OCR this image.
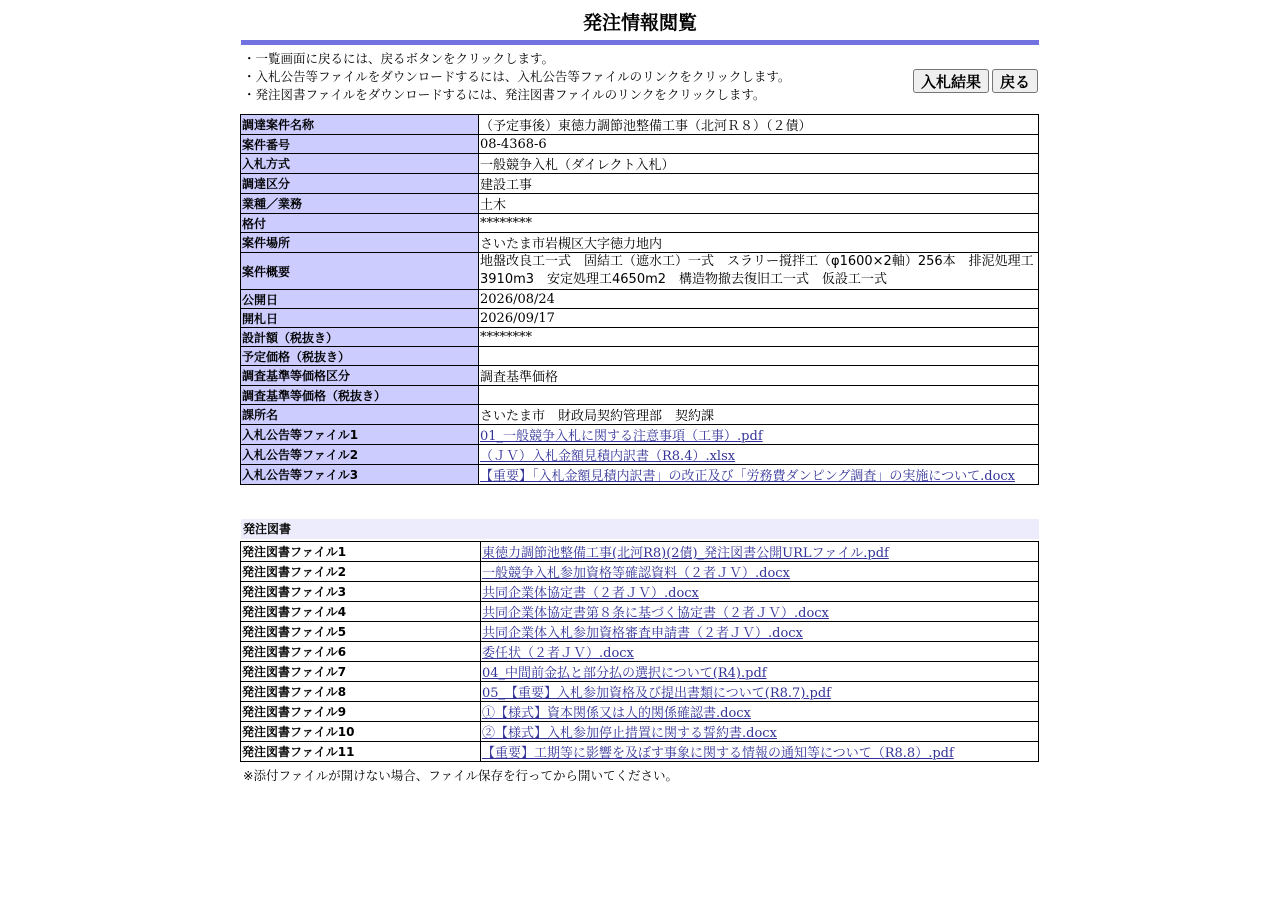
発注情報閲覧
・一覧画面に戻るには、戻るボタンをクリックします。
・入札公告等ファイルをダウンロードするには、入札公告等ファイルのリンクをクリックします。
・発注図書ファイルをダウンロードするには、発注図書ファイルのリンクをクリックします。
入札結果	戻る
調達案件名称	（予定事後）東徳力調節池整備工事（北河Ｒ８）（２債）
案件番号	08-4368-6
入札方式	一般競争入札（ダイレクト入札）
調達区分	建設工事
業種／業務	土木
格付	********
案件場所	さいたま市岩槻区大字徳力地内
案件概要	地盤改良工一式　固結工（遮水工）一式　スラリー撹拌工（φ1600×2軸）256本　排泥処理工3910m3　安定処理工4650m2　構造物撤去復旧工一式　仮設工一式
公開日	2026/08/24
開札日	2026/09/17
設計額（税抜き）	********
予定価格（税抜き）	
調査基準等価格区分	調査基準価格
調査基準等価格（税抜き）	
課所名	さいたま市　財政局契約管理部　契約課
入札公告等ファイル1	01_一般競争入札に関する注意事項（工事）.pdf
入札公告等ファイル2	（ＪＶ）入札金額見積内訳書（R8.4）.xlsx
入札公告等ファイル3	【重要】「入札金額見積内訳書」の改正及び「労務費ダンピング調査」の実施について.docx
発注図書
発注図書ファイル1	東徳力調節池整備工事(北河R8)(2債)_発注図書公開URLファイル.pdf
発注図書ファイル2	一般競争入札参加資格等確認資料（２者ＪＶ）.docx
発注図書ファイル3	共同企業体協定書（２者ＪＶ）.docx
発注図書ファイル4	共同企業体協定書第８条に基づく協定書（２者ＪＶ）.docx
発注図書ファイル5	共同企業体入札参加資格審査申請書（２者ＪＶ）.docx
発注図書ファイル6	委任状（２者ＪＶ）.docx
発注図書ファイル7	04_中間前金払と部分払の選択について(R4).pdf
発注図書ファイル8	05_【重要】入札参加資格及び提出書類について(R8.7).pdf
発注図書ファイル9	①【様式】資本関係又は人的関係確認書.docx
発注図書ファイル10	②【様式】入札参加停止措置に関する誓約書.docx
発注図書ファイル11	【重要】工期等に影響を及ぼす事象に関する情報の通知等について（R8.8）.pdf
※添付ファイルが開けない場合、ファイル保存を行ってから開いてください。
